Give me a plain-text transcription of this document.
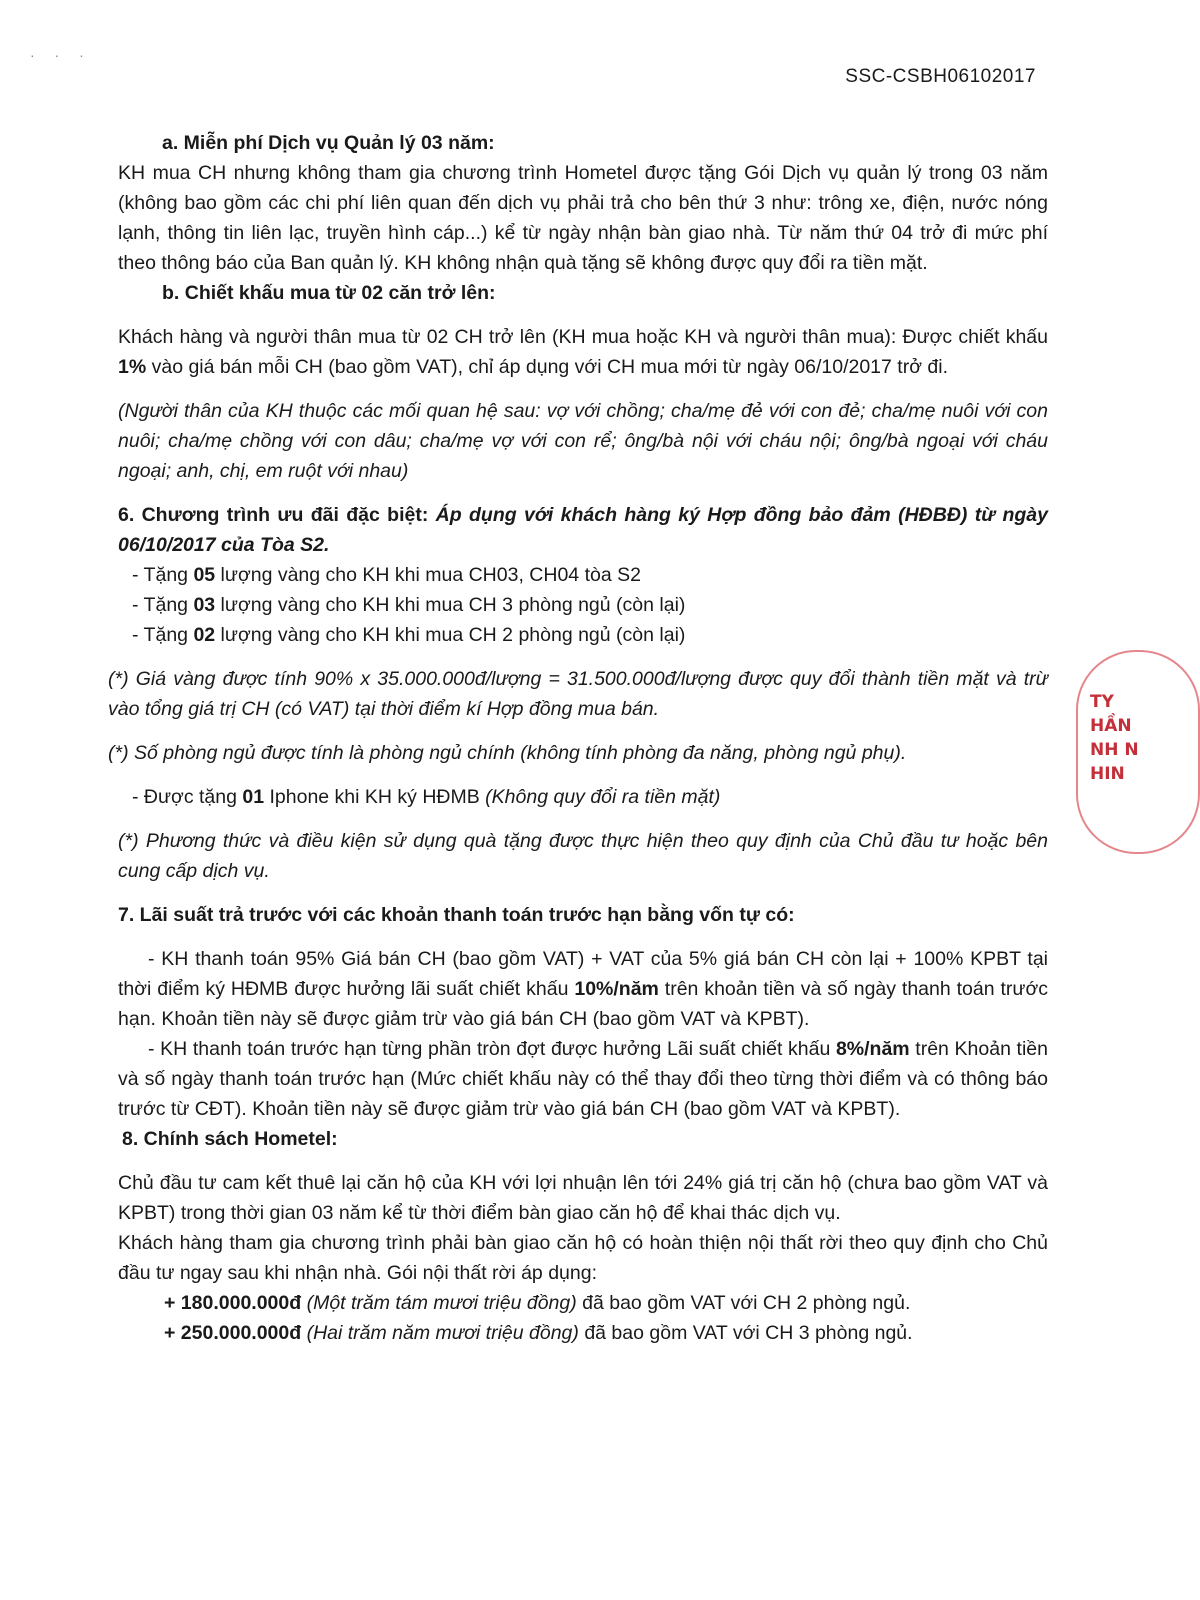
· · ·
SSC-CSBH06102017

a. Miễn phí Dịch vụ Quản lý 03 năm:

KH mua CH nhưng không tham gia chương trình Hometel được tặng Gói Dịch vụ quản lý trong 03 năm (không bao gồm các chi phí liên quan đến dịch vụ phải trả cho bên thứ 3 như: trông xe, điện, nước nóng lạnh, thông tin liên lạc, truyền hình cáp...) kể từ ngày nhận bàn giao nhà. Từ năm thứ 04 trở đi mức phí theo thông báo của Ban quản lý. KH không nhận quà tặng sẽ không được quy đổi ra tiền mặt.

b. Chiết khấu mua từ 02 căn trở lên:

Khách hàng và người thân mua từ 02 CH trở lên (KH mua hoặc KH và người thân mua): Được chiết khấu 1% vào giá bán mỗi CH (bao gồm VAT), chỉ áp dụng với CH mua mới từ ngày 06/10/2017 trở đi.

(Người thân của KH thuộc các mối quan hệ sau: vợ với chồng; cha/mẹ đẻ với con đẻ; cha/mẹ nuôi với con nuôi; cha/mẹ chồng với con dâu; cha/mẹ vợ với con rể; ông/bà nội với cháu nội; ông/bà ngoại với cháu ngoại; anh, chị, em ruột với nhau)

6. Chương trình ưu đãi đặc biệt: Áp dụng với khách hàng ký Hợp đồng bảo đảm (HĐBĐ) từ ngày 06/10/2017 của Tòa S2.

- Tặng 05 lượng vàng cho KH khi mua CH03, CH04 tòa S2

- Tặng 03 lượng vàng cho KH khi mua CH 3 phòng ngủ (còn lại)

- Tặng 02 lượng vàng cho KH khi mua CH 2 phòng ngủ (còn lại)

(*) Giá vàng được tính 90% x 35.000.000đ/lượng = 31.500.000đ/lượng được quy đổi thành tiền mặt và trừ vào tổng giá trị CH (có VAT) tại thời điểm kí Hợp đồng mua bán.

(*) Số phòng ngủ được tính là phòng ngủ chính (không tính phòng đa năng, phòng ngủ phụ).

- Được tặng 01 Iphone khi KH ký HĐMB (Không quy đổi ra tiền mặt)

(*) Phương thức và điều kiện sử dụng quà tặng được thực hiện theo quy định của Chủ đầu tư hoặc bên cung cấp dịch vụ.

7. Lãi suất trả trước với các khoản thanh toán trước hạn bằng vốn tự có:

- KH thanh toán 95% Giá bán CH (bao gồm VAT) + VAT của 5% giá bán CH còn lại + 100% KPBT tại thời điểm ký HĐMB được hưởng lãi suất chiết khấu 10%/năm trên khoản tiền và số ngày thanh toán trước hạn. Khoản tiền này sẽ được giảm trừ vào giá bán CH (bao gồm VAT và KPBT).

- KH thanh toán trước hạn từng phần tròn đợt được hưởng Lãi suất chiết khấu 8%/năm trên Khoản tiền và số ngày thanh toán trước hạn (Mức chiết khấu này có thể thay đổi theo từng thời điểm và có thông báo trước từ CĐT). Khoản tiền này sẽ được giảm trừ vào giá bán CH (bao gồm VAT và KPBT).

8. Chính sách Hometel:

Chủ đầu tư cam kết thuê lại căn hộ của KH với lợi nhuận lên tới 24% giá trị căn hộ (chưa bao gồm VAT và KPBT) trong thời gian 03 năm kể từ thời điểm bàn giao căn hộ để khai thác dịch vụ.

Khách hàng tham gia chương trình phải bàn giao căn hộ có hoàn thiện nội thất rời theo quy định cho Chủ đầu tư ngay sau khi nhận nhà. Gói nội thất rời áp dụng:

+ 180.000.000đ (Một trăm tám mươi triệu đồng) đã bao gồm VAT với CH 2 phòng ngủ.

+ 250.000.000đ (Hai trăm năm mươi triệu đồng) đã bao gồm VAT với CH 3 phòng ngủ.

TY
HẦN
NH N
HIN
